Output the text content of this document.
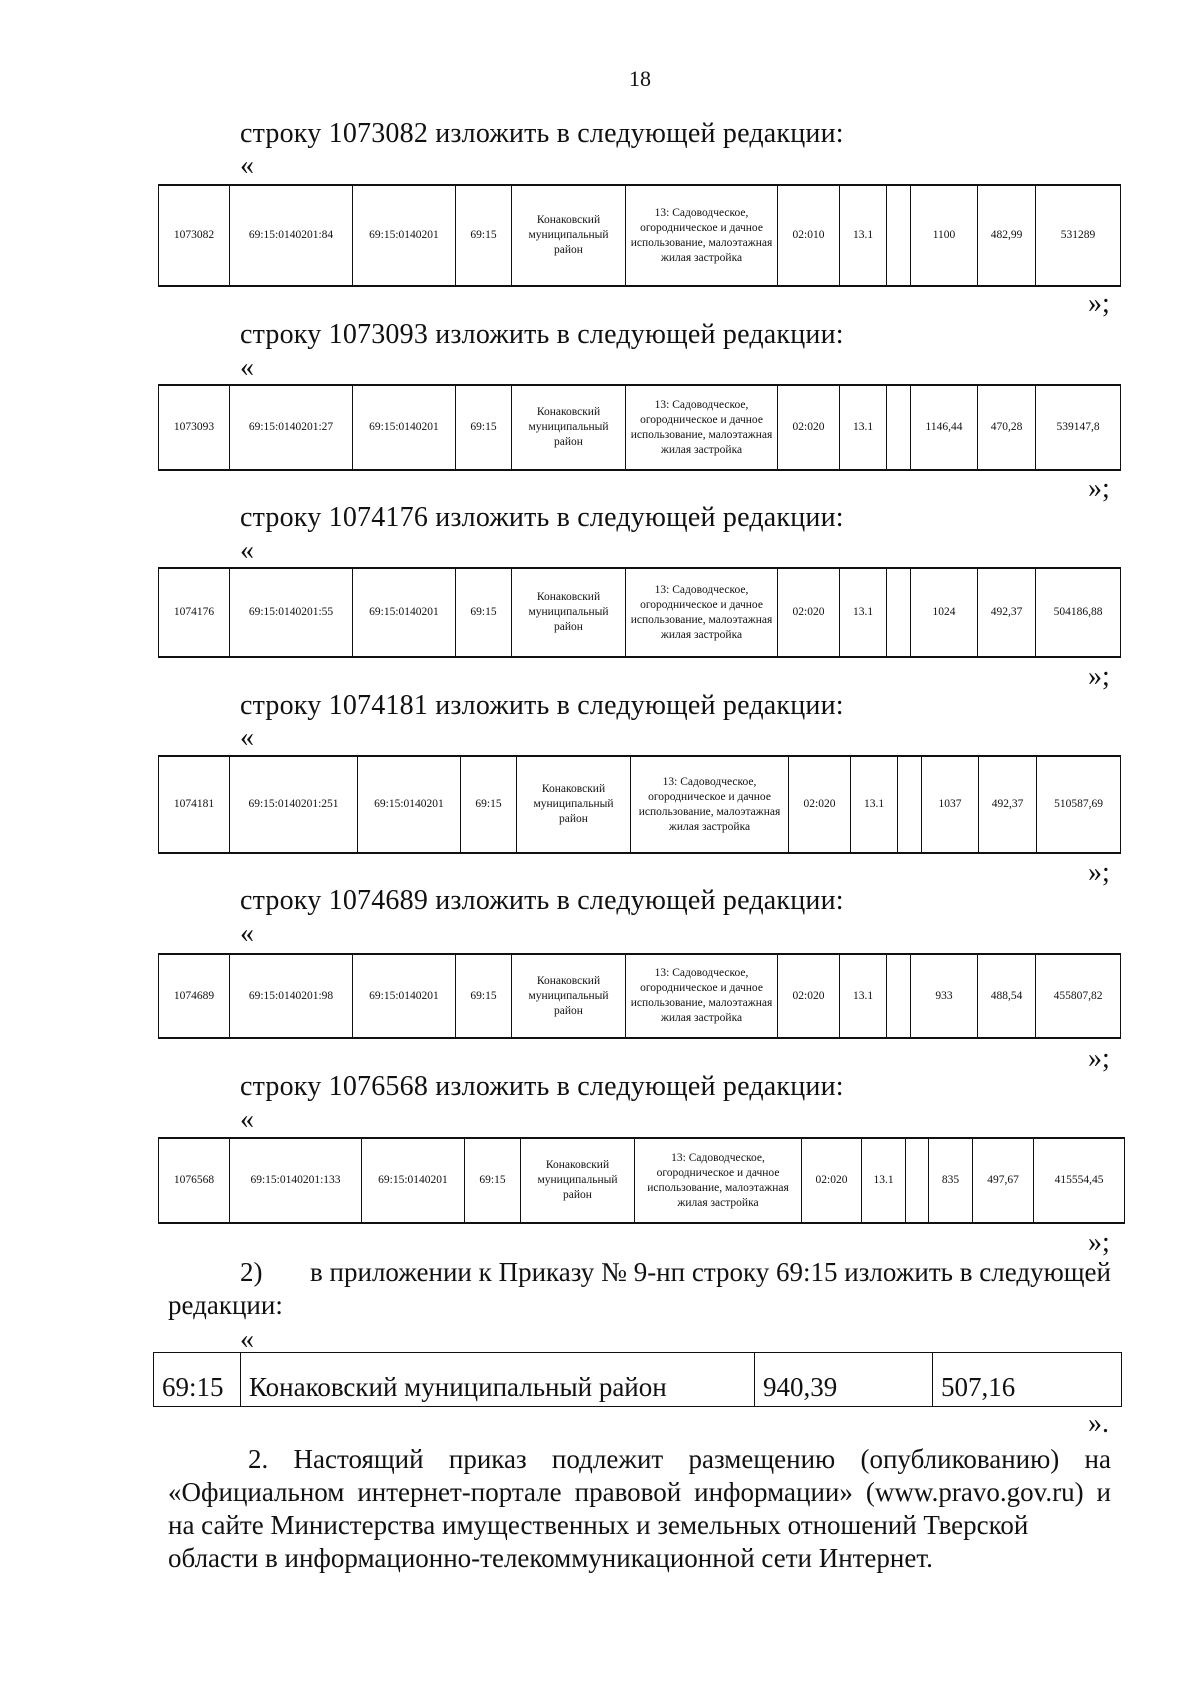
18
строку 1073082 изложить в следующей редакции:
«
1073082	69:15:0140201:84	69:15:0140201	69:15	Конаковский муниципальный район	13: Садоводческое, огородническое и дачное использование, малоэтажная жилая застройка	02:010	13.1		1100	482,99	531289
»;
строку 1073093 изложить в следующей редакции:
«
1073093	69:15:0140201:27	69:15:0140201	69:15	Конаковский муниципальный район	13: Садоводческое, огородническое и дачное использование, малоэтажная жилая застройка	02:020	13.1		1146,44	470,28	539147,8
»;
строку 1074176 изложить в следующей редакции:
«
1074176	69:15:0140201:55	69:15:0140201	69:15	Конаковский муниципальный район	13: Садоводческое, огородническое и дачное использование, малоэтажная жилая застройка	02:020	13.1		1024	492,37	504186,88
»;
строку 1074181 изложить в следующей редакции:
«
1074181	69:15:0140201:251	69:15:0140201	69:15	Конаковский муниципальный район	13: Садоводческое, огородническое и дачное использование, малоэтажная жилая застройка	02:020	13.1		1037	492,37	510587,69
»;
строку 1074689 изложить в следующей редакции:
«
1074689	69:15:0140201:98	69:15:0140201	69:15	Конаковский муниципальный район	13: Садоводческое, огородническое и дачное использование, малоэтажная жилая застройка	02:020	13.1		933	488,54	455807,82
»;
строку 1076568 изложить в следующей редакции:
«
1076568	69:15:0140201:133	69:15:0140201	69:15	Конаковский муниципальный район	13: Садоводческое, огородническое и дачное использование, малоэтажная жилая застройка	02:020	13.1		835	497,67	415554,45
»;
2) в приложении к Приказу № 9-нп строку 69:15 изложить в следующей редакции:
«
69:15	Конаковский муниципальный район	940,39	507,16
».
2. Настоящий приказ подлежит размещению (опубликованию) на «Официальном интернет-портале правовой информации» (www.pravo.gov.ru) и на сайте Министерства имущественных и земельных отношений Тверской
области в информационно-телекоммуникационной сети Интернет.
